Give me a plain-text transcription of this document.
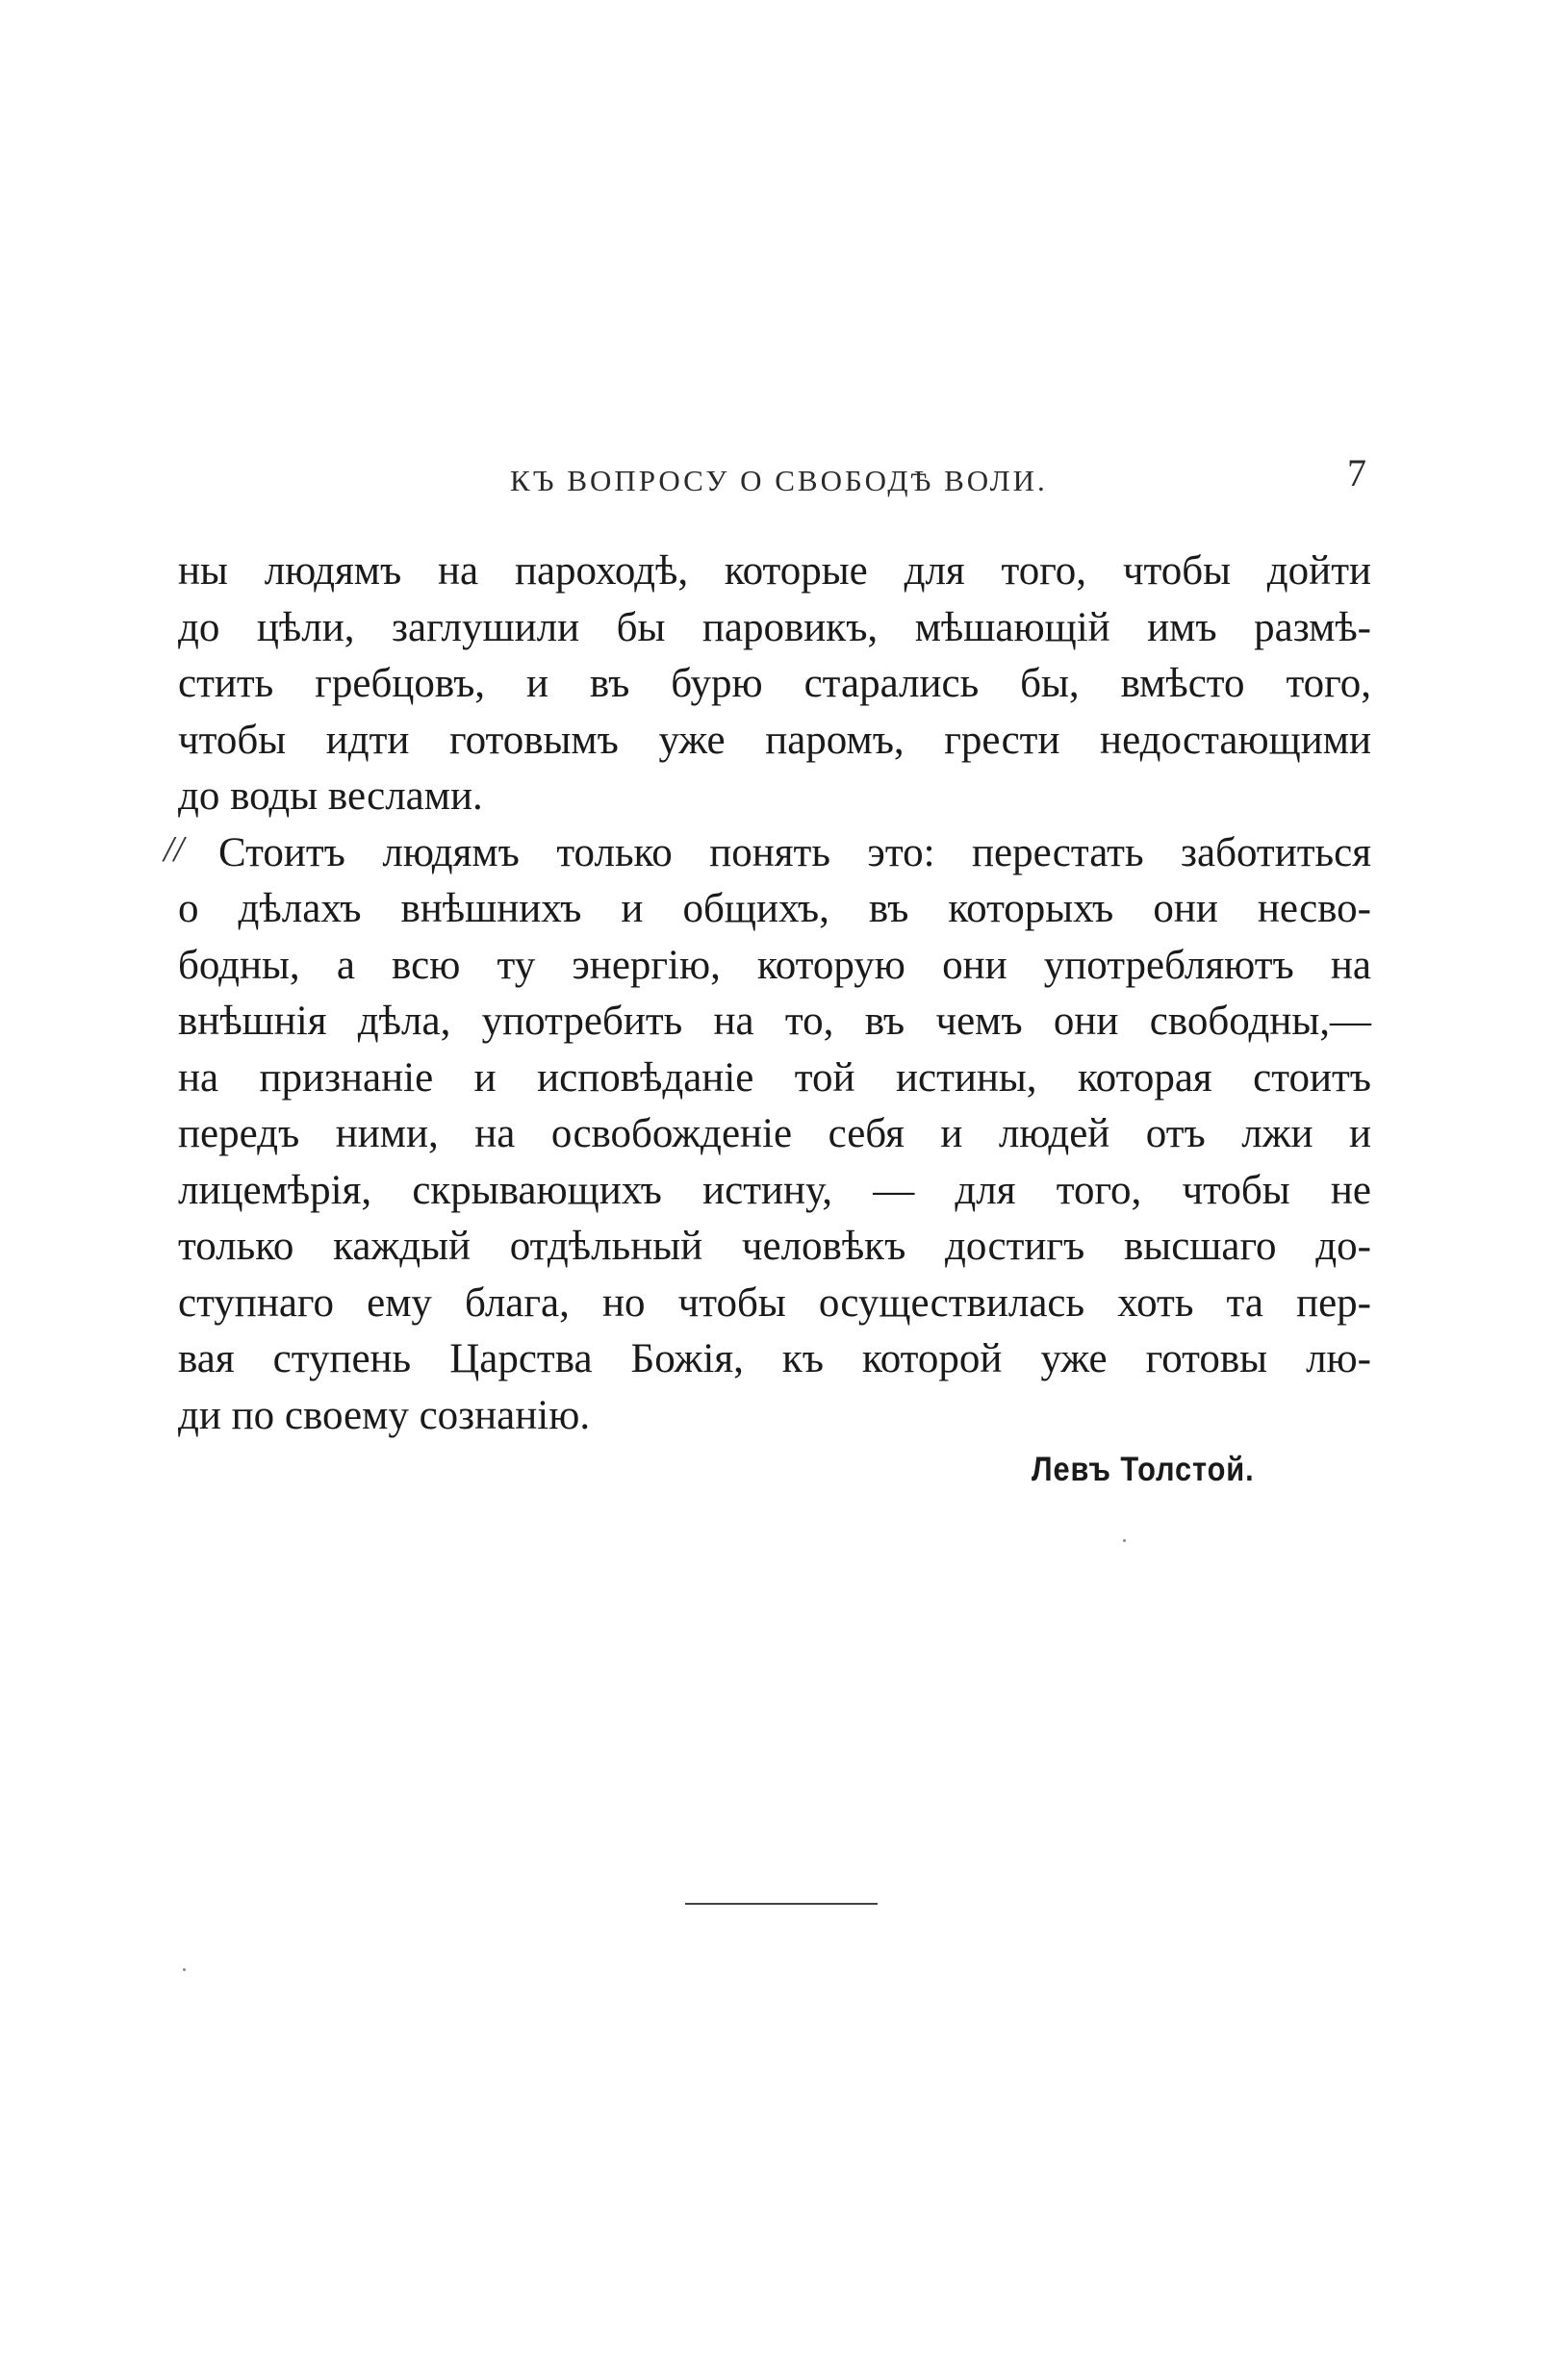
КЪ ВОПРОСУ О СВОБОДѢ ВОЛИ.	7
ны людямъ на пароходѣ, которые для того, чтобы дойти
до цѣли, заглушили бы паровикъ, мѣшающій имъ размѣ-
стить гребцовъ, и въ бурю старались бы, вмѣсто того,
чтобы идти готовымъ уже паромъ, грести недостающими
до воды веслами.
// Стоитъ людямъ только понять это: перестать заботиться
о дѣлахъ внѣшнихъ и общихъ, въ которыхъ они несво-
бодны, а всю ту энергію, которую они употребляютъ на
внѣшнія дѣла, употребить на то, въ чемъ они свободны,—
на признаніе и исповѣданіе той истины, которая стоитъ
передъ ними, на освобожденіе себя и людей отъ лжи и
лицемѣрія, скрывающихъ истину, — для того, чтобы не
только каждый отдѣльный человѣкъ достигъ высшаго до-
ступнаго ему блага, но чтобы осуществилась хоть та пер-
вая ступень Царства Божія, къ которой уже готовы лю-
ди по своему сознанію.
Левъ Толстой.
